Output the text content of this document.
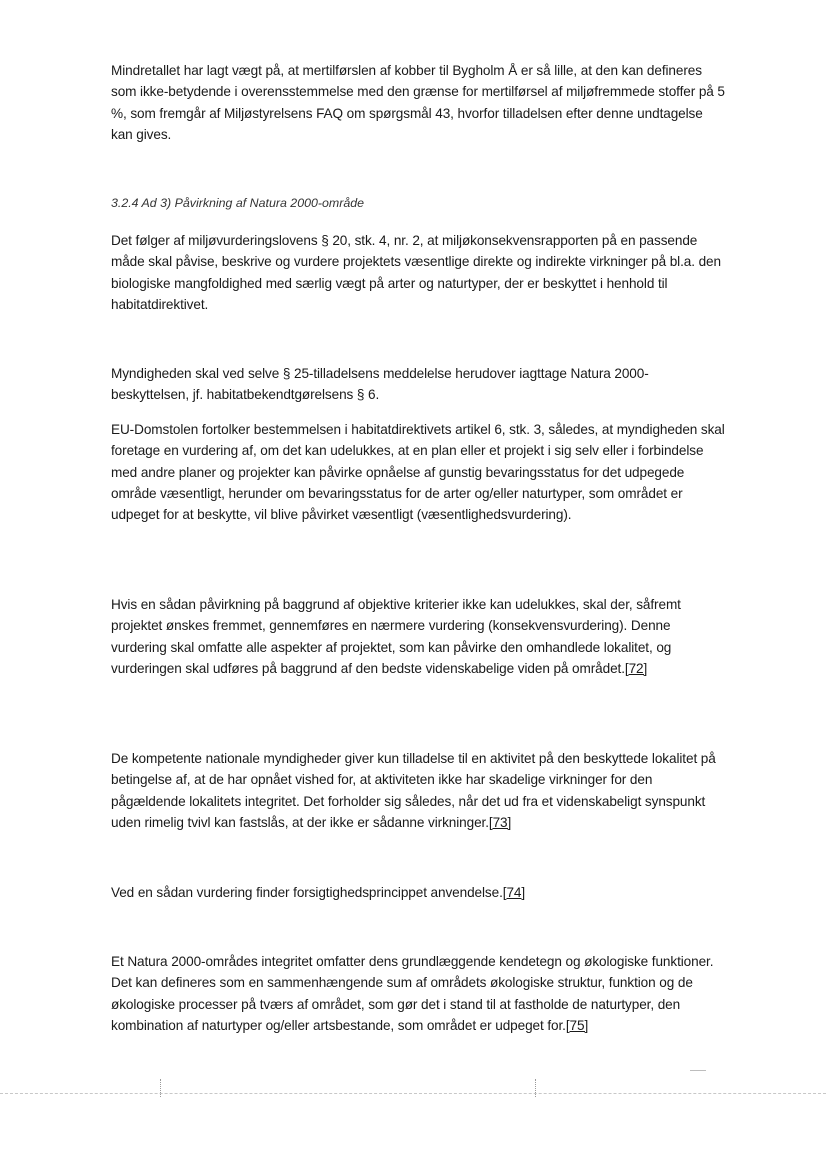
Mindretallet har lagt vægt på, at mertilførslen af kobber til Bygholm Å er så lille, at den kan defineres som ikke-betydende i overensstemmelse med den grænse for mertilførsel af miljøfremmede stoffer på 5 %, som fremgår af Miljøstyrelsens FAQ om spørgsmål 43, hvorfor tilladelsen efter denne undtagelse kan gives.

3.2.4 Ad 3) Påvirkning af Natura 2000-område

Det følger af miljøvurderingslovens § 20, stk. 4, nr. 2, at miljøkonsekvensrapporten på en passende måde skal påvise, beskrive og vurdere projektets væsentlige direkte og indirekte virkninger på bl.a. den biologiske mangfoldighed med særlig vægt på arter og naturtyper, der er beskyttet i henhold til habitatdirektivet.

Myndigheden skal ved selve § 25-tilladelsens meddelelse herudover iagttage Natura 2000-beskyttelsen, jf. habitatbekendtgørelsens § 6.

EU-Domstolen fortolker bestemmelsen i habitatdirektivets artikel 6, stk. 3, således, at myndigheden skal foretage en vurdering af, om det kan udelukkes, at en plan eller et projekt i sig selv eller i forbindelse med andre planer og projekter kan påvirke opnåelse af gunstig bevaringsstatus for det udpegede område væsentligt, herunder om bevaringsstatus for de arter og/eller naturtyper, som området er udpeget for at beskytte, vil blive påvirket væsentligt (væsentlighedsvurdering).

Hvis en sådan påvirkning på baggrund af objektive kriterier ikke kan udelukkes, skal der, såfremt projektet ønskes fremmet, gennemføres en nærmere vurdering (konsekvensvurdering). Denne vurdering skal omfatte alle aspekter af projektet, som kan påvirke den omhandlede lokalitet, og vurderingen skal udføres på baggrund af den bedste videnskabelige viden på området.[72]

De kompetente nationale myndigheder giver kun tilladelse til en aktivitet på den beskyttede lokalitet på betingelse af, at de har opnået vished for, at aktiviteten ikke har skadelige virkninger for den pågældende lokalitets integritet. Det forholder sig således, når det ud fra et videnskabeligt synspunkt uden rimelig tvivl kan fastslås, at der ikke er sådanne virkninger.[73]

Ved en sådan vurdering finder forsigtighedsprincippet anvendelse.[74]

Et Natura 2000-områdes integritet omfatter dens grundlæggende kendetegn og økologiske funktioner. Det kan defineres som en sammenhængende sum af områdets økologiske struktur, funktion og de økologiske processer på tværs af området, som gør det i stand til at fastholde de naturtyper, den kombination af naturtyper og/eller artsbestande, som området er udpeget for.[75]
